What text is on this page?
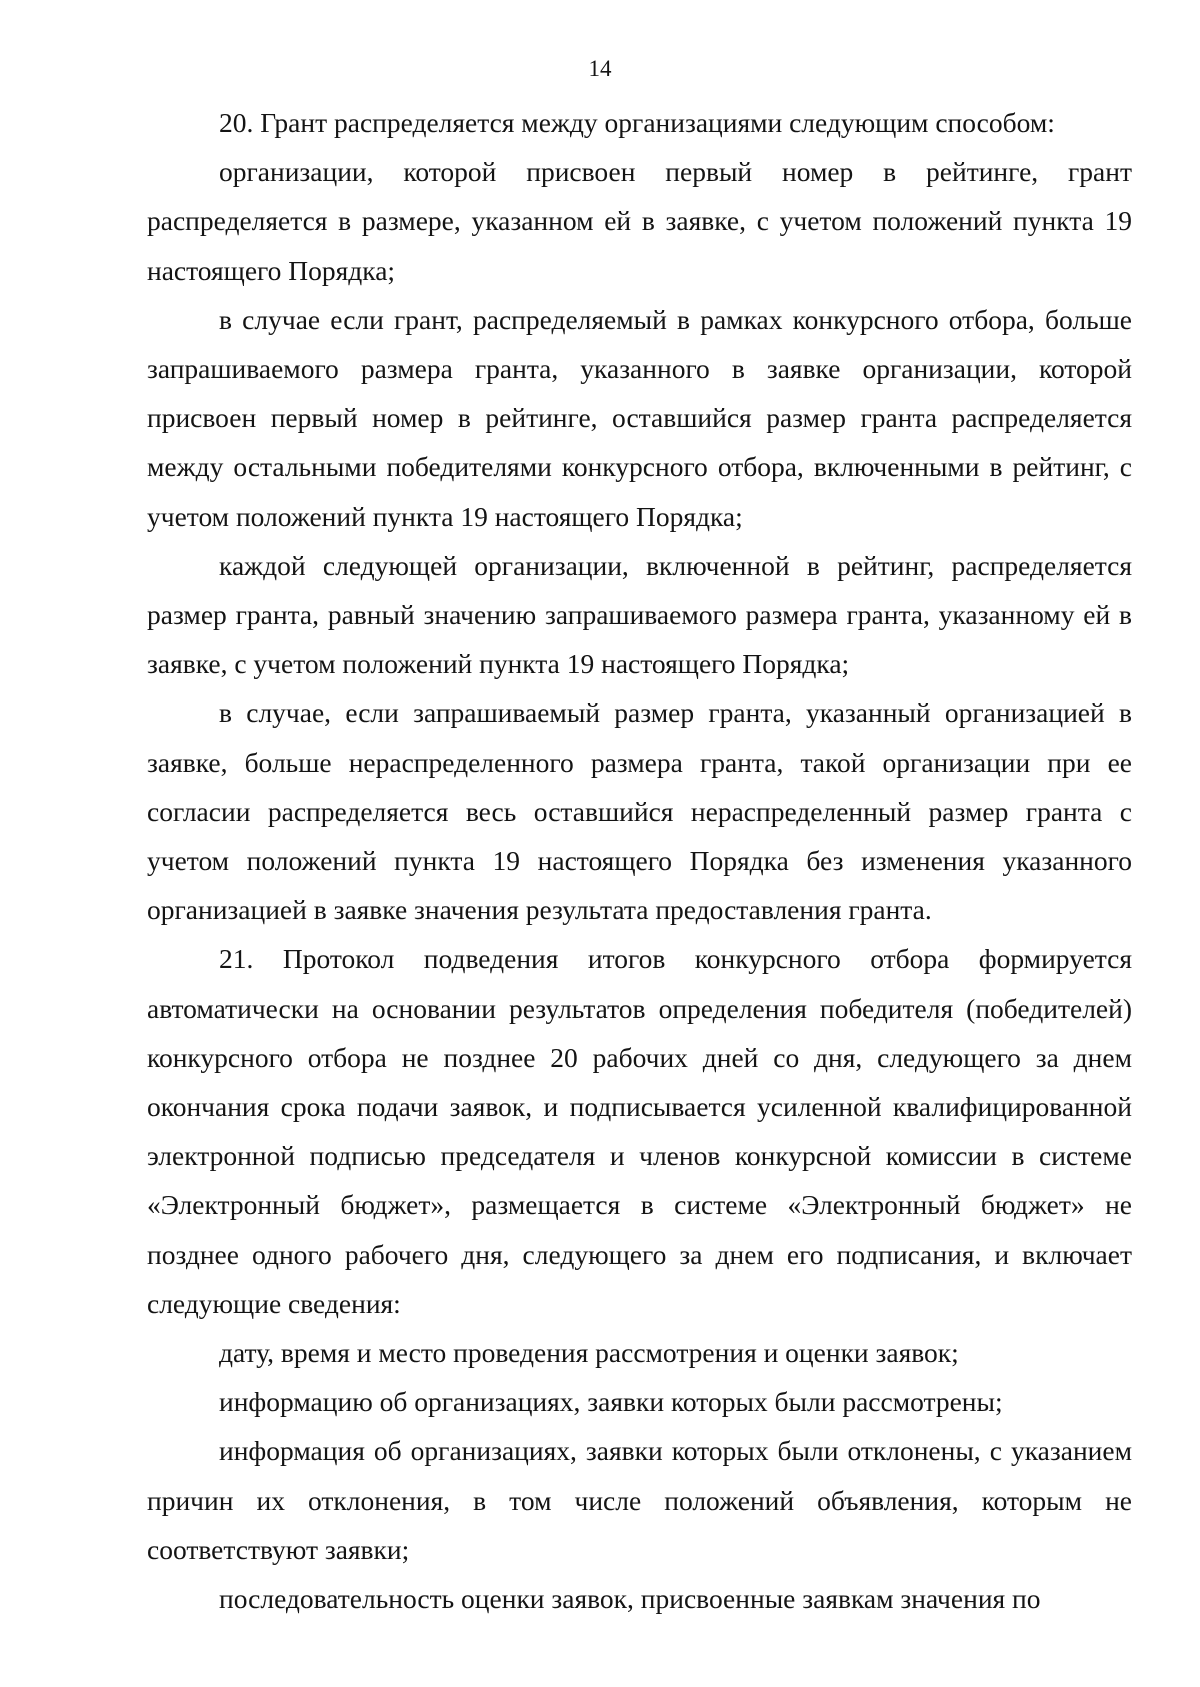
14

20. Грант распределяется между организациями следующим способом:

организации, которой присвоен первый номер в рейтинге, грант распределяется в размере, указанном ей в заявке, с учетом положений пункта 19 настоящего Порядка;

в случае если грант, распределяемый в рамках конкурсного отбора, больше запрашиваемого размера гранта, указанного в заявке организации, которой присвоен первый номер в рейтинге, оставшийся размер гранта распределяется между остальными победителями конкурсного отбора, включенными в рейтинг, с учетом положений пункта 19 настоящего Порядка;

каждой следующей организации, включенной в рейтинг, распределяется размер гранта, равный значению запрашиваемого размера гранта, указанному ей в заявке, с учетом положений пункта 19 настоящего Порядка;

в случае, если запрашиваемый размер гранта, указанный организацией в заявке, больше нераспределенного размера гранта, такой организации при ее согласии распределяется весь оставшийся нераспределенный размер гранта с учетом положений пункта 19 настоящего Порядка без изменения указанного организацией в заявке значения результата предоставления гранта.

21. Протокол подведения итогов конкурсного отбора формируется автоматически на основании результатов определения победителя (победителей) конкурсного отбора не позднее 20 рабочих дней со дня, следующего за днем окончания срока подачи заявок, и подписывается усиленной квалифицированной электронной подписью председателя и членов конкурсной комиссии в системе «Электронный бюджет», размещается в системе «Электронный бюджет» не позднее одного рабочего дня, следующего за днем его подписания, и включает следующие сведения:

дату, время и место проведения рассмотрения и оценки заявок;

информацию об организациях, заявки которых были рассмотрены;

информация об организациях, заявки которых были отклонены, с указанием причин их отклонения, в том числе положений объявления, которым не соответствуют заявки;

последовательность оценки заявок, присвоенные заявкам значения по
